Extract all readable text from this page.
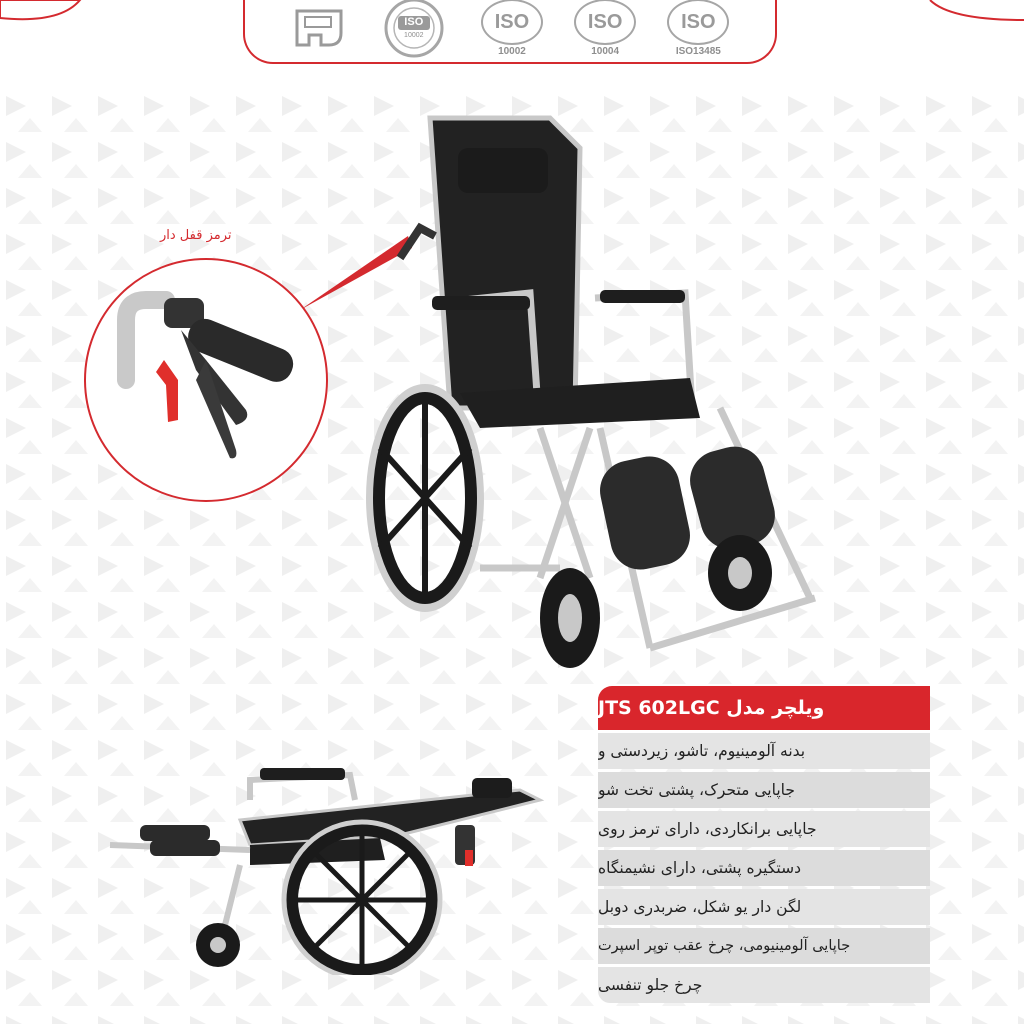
ISO
10002
ISO
10002
ISO
10004
ISO
ISO13485
ترمز قفل دار
ویلچر مدل JTS 602LGC
بدنه آلومینیوم، تاشو، زیردستی و
جاپایی متحرک، پشتی تخت شو
جاپایی برانکاردی، دارای ترمز روی
دستگیره پشتی، دارای نشیمنگاه
لگن دار یو شکل، ضربدری دوبل
جاپایی آلومینیومی، چرخ عقب توپر اسپرت
چرخ جلو تنفسی
